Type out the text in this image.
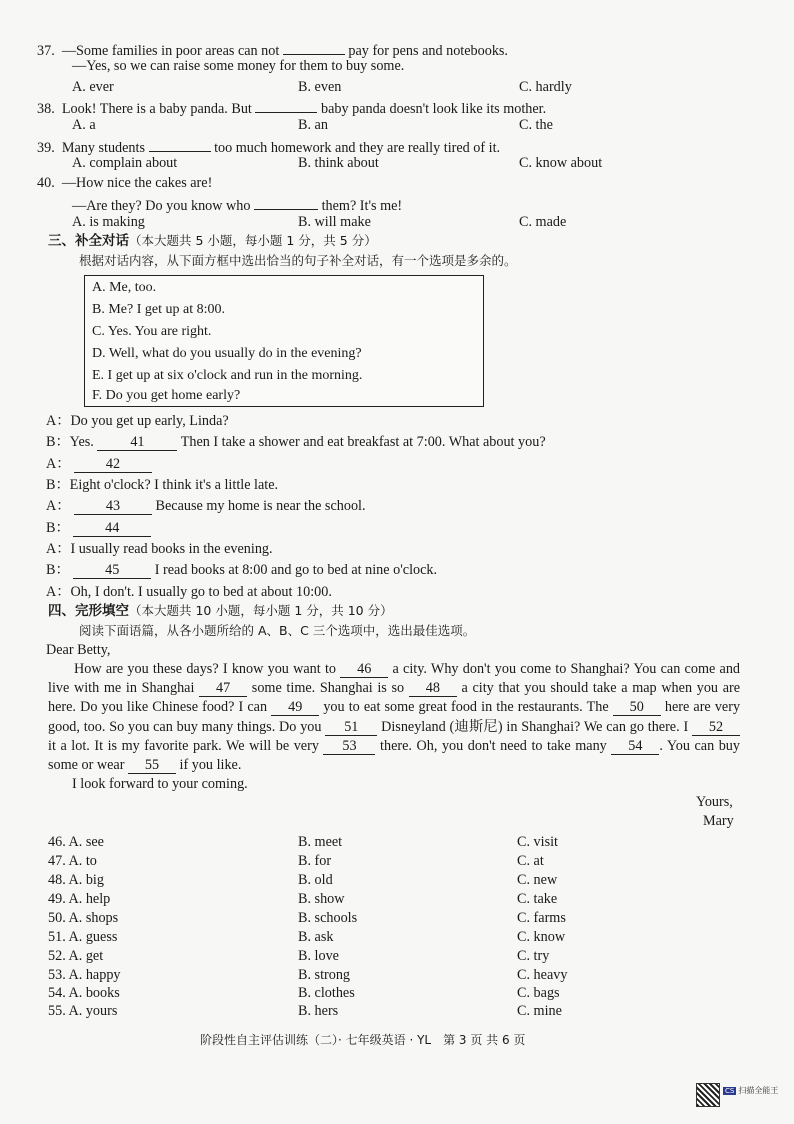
37. —Some families in poor areas can not	pay for pens and notebooks.
—Yes, so we can raise some money for them to buy some.
A. ever	B. even	C. hardly
38. Look! There is a baby panda. But	baby panda doesn't look like its mother.
A. a	B. an	C. the
39. Many students	too much homework and they are really tired of it.
A. complain about	B. think about	C. know about
40. —How nice the cakes are!
—Are they? Do you know who	them? It's me!
A. is making	B. will make	C. made
三、补全对话（本大题共 5 小题，每小题 1 分，共 5 分）
根据对话内容，从下面方框中选出恰当的句子补全对话，有一个选项是多余的。
A. Me, too.
B. Me? I get up at 8:00.
C. Yes. You are right.
D. Well, what do you usually do in the evening?
E. I get up at six o'clock and run in the morning.
F. Do you get home early?
A：Do you get up early, Linda?
B：Yes.	41	Then I take a shower and eat breakfast at 7:00. What about you?
A： 42
B：Eight o'clock? I think it's a little late.
A： 43 Because my home is near the school.
B： 44
A：I usually read books in the evening.
B： 45 I read books at 8:00 and go to bed at nine o'clock.
A：Oh, I don't. I usually go to bed at about 10:00.
四、完形填空（本大题共 10 小题，每小题 1 分，共 10 分）
阅读下面语篇，从各小题所给的 A、B、C 三个选项中，选出最佳选项。
Dear Betty,
How are you these days? I know you want to 46 a city. Why don't you come to Shanghai? You can come and live with me in Shanghai 47 some time. Shanghai is so 48 a city that you should take a map when you are here. Do you like Chinese food? I can 49 you to eat some great food in the restaurants. The 50 here are very good, too. So you can buy many things. Do you 51 Disneyland (迪斯尼) in Shanghai? We can go there. I 52 it a lot. It is my favorite park. We will be very 53 there. Oh, you don't need to take many 54 . You can buy some or wear 55 if you like.
I look forward to your coming.
Yours,
Mary
46. A. see	B. meet	C. visit
47. A. to	B. for	C. at
48. A. big	B. old	C. new
49. A. help	B. show	C. take
50. A. shops	B. schools	C. farms
51. A. guess	B. ask	C. know
52. A. get	B. love	C. try
53. A. happy	B. strong	C. heavy
54. A. books	B. clothes	C. bags
55. A. yours	B. hers	C. mine
阶段性自主评估训练（二）· 七年级英语 · YL　第 3 页 共 6 页
CS 扫描全能王
